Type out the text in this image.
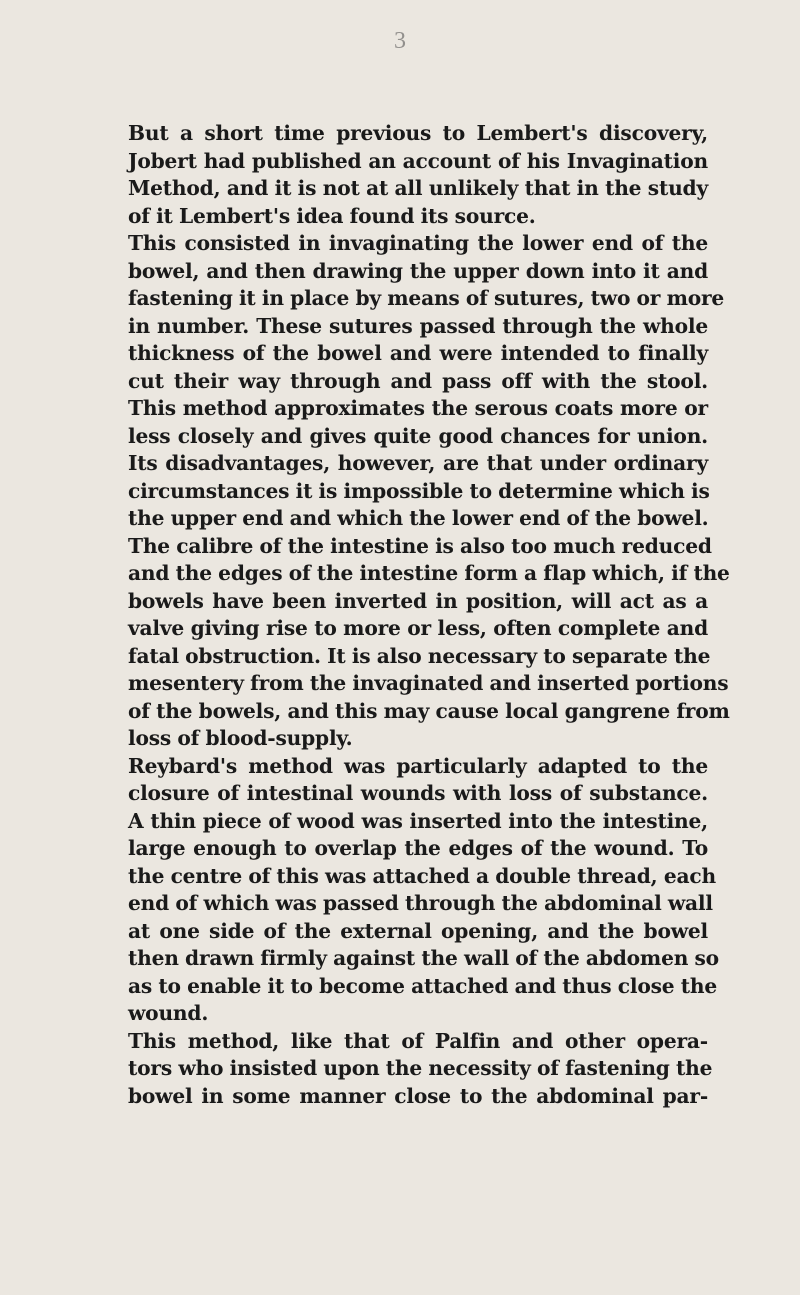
3
But a short time previous to Lembert's discovery,
Jobert had published an account of his Invagination
Method, and it is not at all unlikely that in the study
of it Lembert's idea found its source.
This consisted in invaginating the lower end of the
bowel, and then drawing the upper down into it and
fastening it in place by means of sutures, two or more
in number. These sutures passed through the whole
thickness of the bowel and were intended to finally
cut their way through and pass off with the stool.
This method approximates the serous coats more or
less closely and gives quite good chances for union.
Its disadvantages, however, are that under ordinary
circumstances it is impossible to determine which is
the upper end and which the lower end of the bowel.
The calibre of the intestine is also too much reduced
and the edges of the intestine form a flap which, if the
bowels have been inverted in position, will act as a
valve giving rise to more or less, often complete and
fatal obstruction. It is also necessary to separate the
mesentery from the invaginated and inserted portions
of the bowels, and this may cause local gangrene from
loss of blood-supply.
Reybard's method was particularly adapted to the
closure of intestinal wounds with loss of substance.
A thin piece of wood was inserted into the intestine,
large enough to overlap the edges of the wound. To
the centre of this was attached a double thread, each
end of which was passed through the abdominal wall
at one side of the external opening, and the bowel
then drawn firmly against the wall of the abdomen so
as to enable it to become attached and thus close the
wound.
This method, like that of Palfin and other opera-
tors who insisted upon the necessity of fastening the
bowel in some manner close to the abdominal par-
